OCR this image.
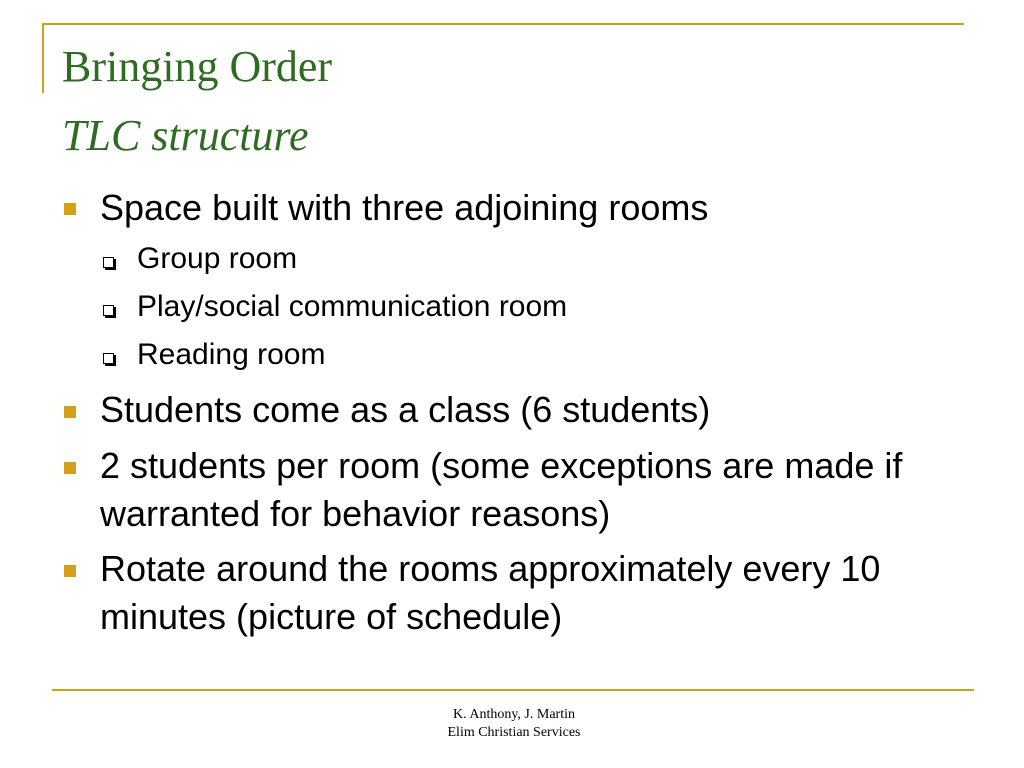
Bringing Order
TLC structure
Space built with three adjoining rooms
Group room
Play/social communication room
Reading room
Students come as a class (6 students)
2 students per room (some exceptions are made if warranted for behavior reasons)
Rotate around the rooms approximately every 10 minutes (picture of schedule)
K. Anthony, J. Martin
Elim Christian Services
